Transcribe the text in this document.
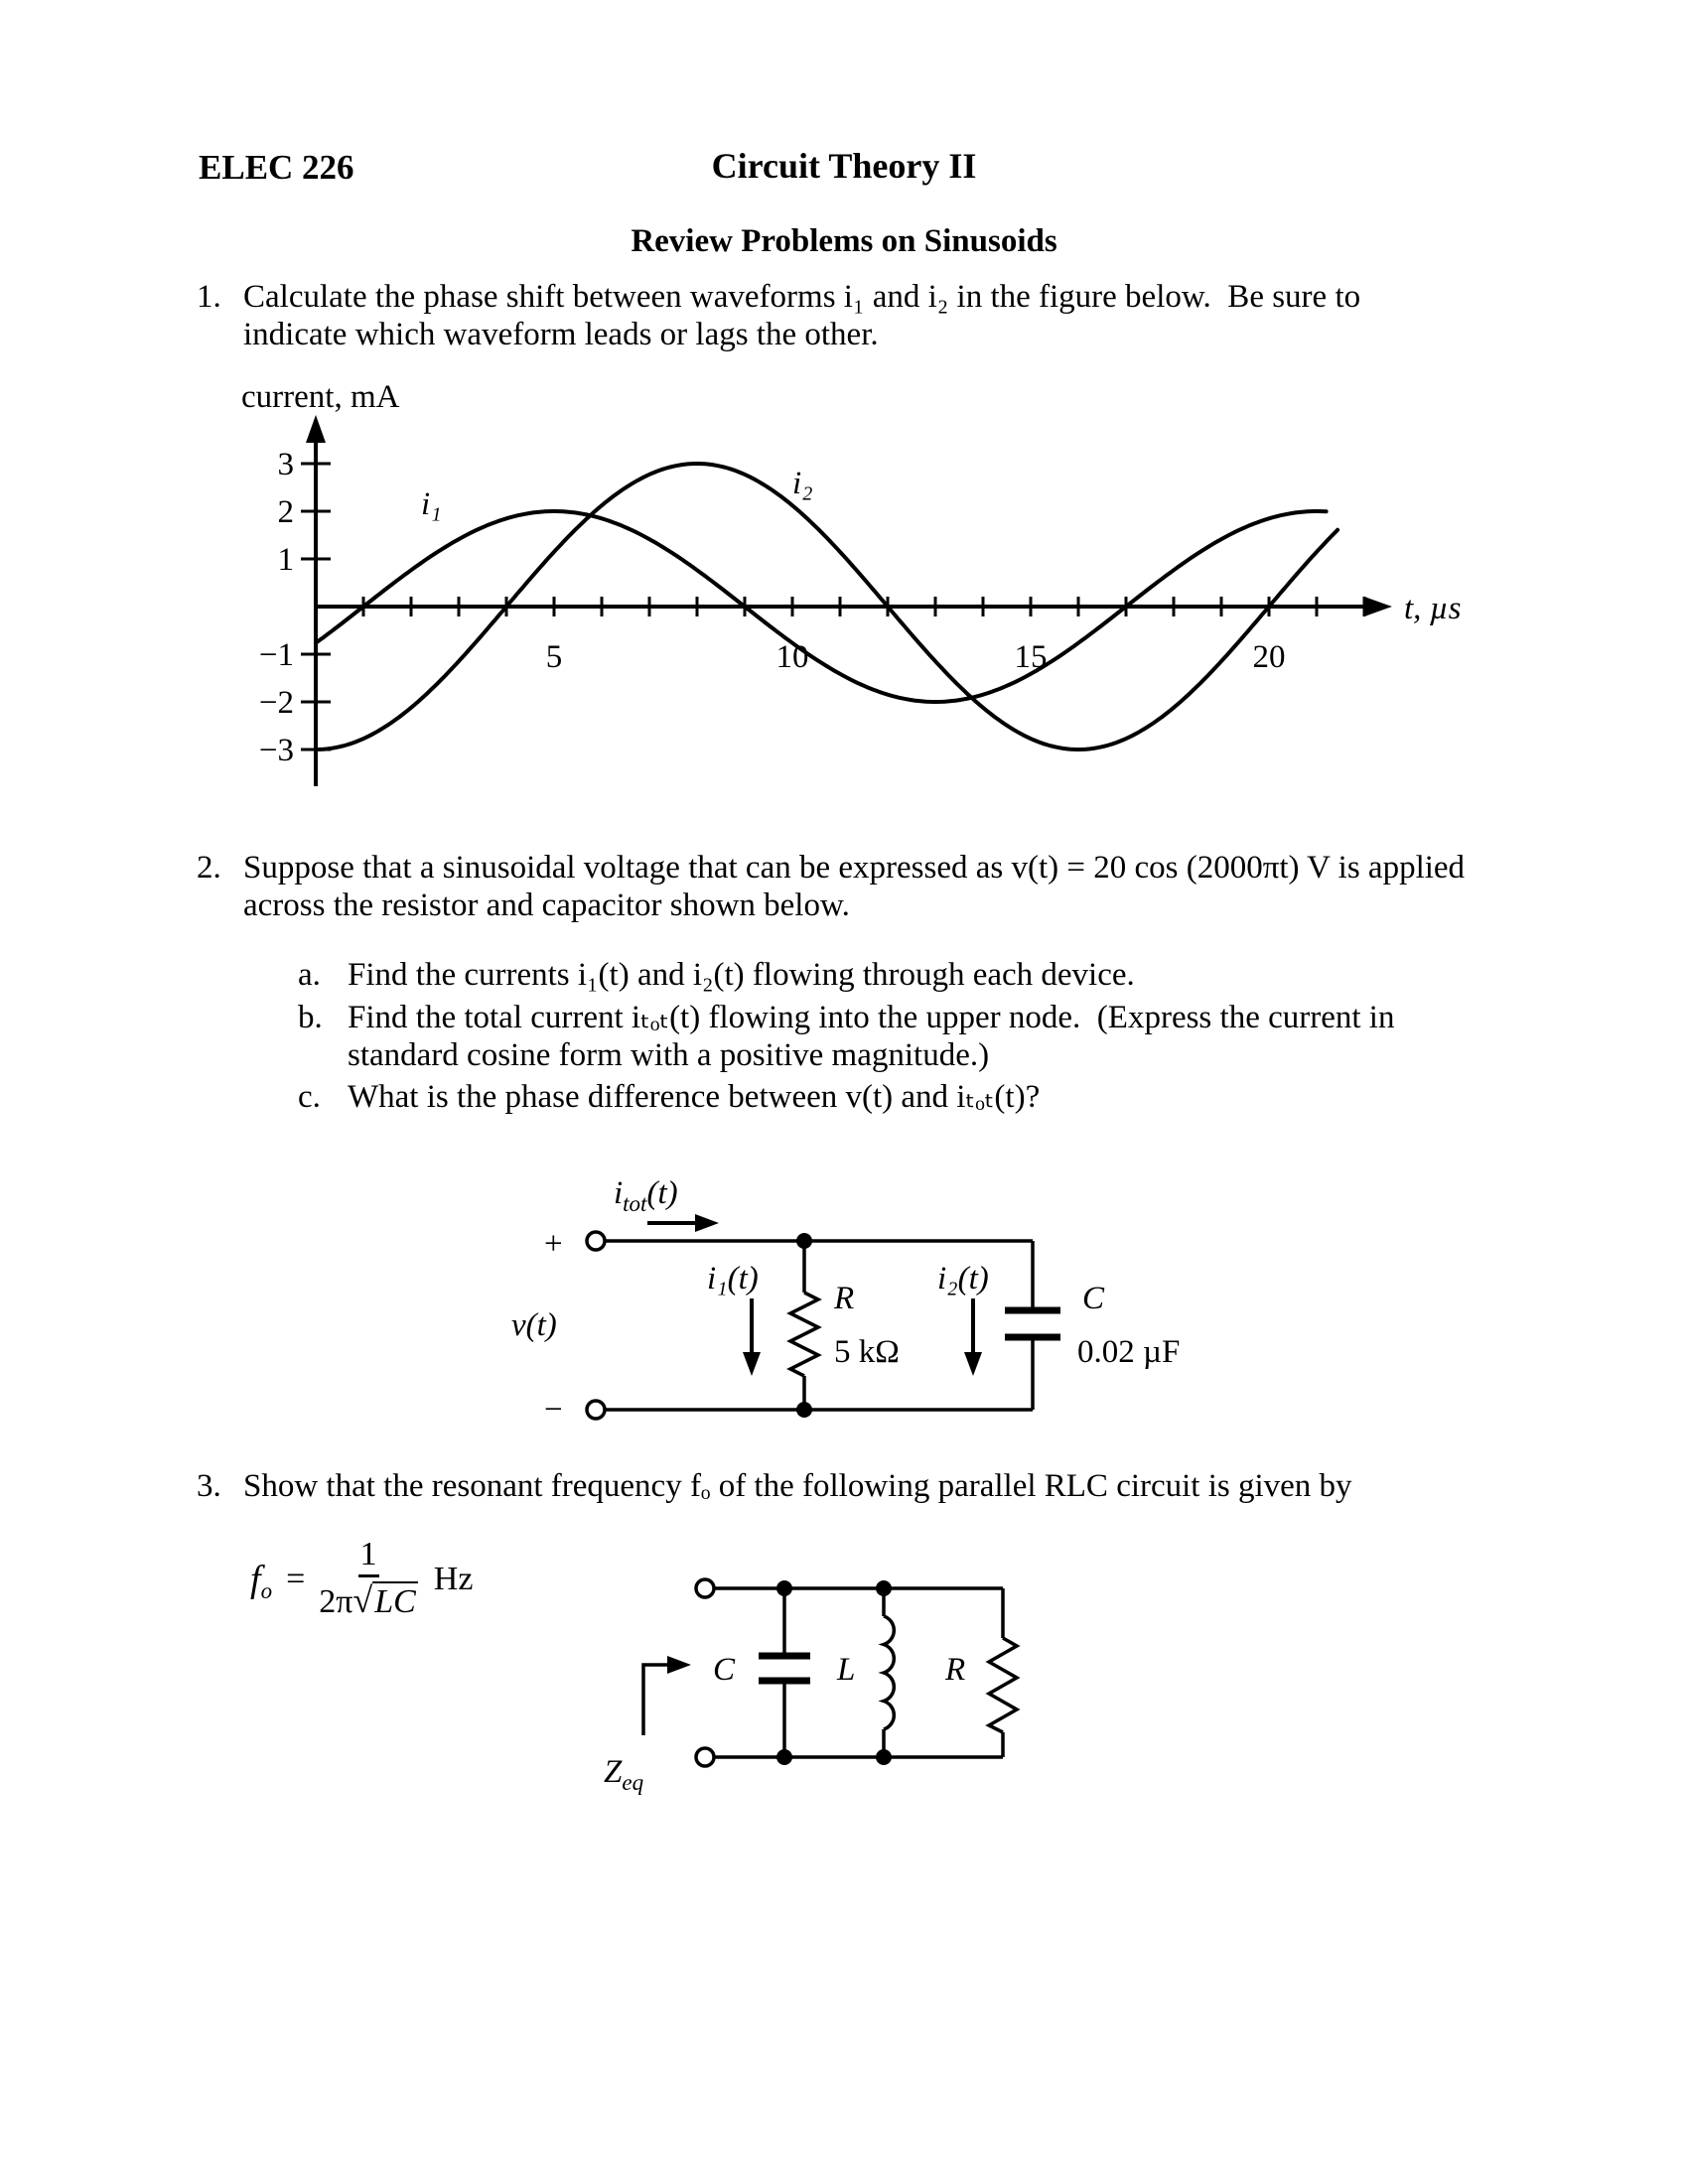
ELEC 226	Circuit Theory II
Review Problems on Sinusoids
1. Calculate the phase shift between waveforms i₁ and i₂ in the figure below.  Be sure to
indicate which waveform leads or lags the other.
current, mA
t, µs
5	10	15	20
3
2
1
−1
−2
−3
i₁
i₂
2. Suppose that a sinusoidal voltage that can be expressed as v(t) = 20 cos (2000πt) V is applied
across the resistor and capacitor shown below.
a. Find the currents i₁(t) and i₂(t) flowing through each device.
b. Find the total current iₜₒₜ(t) flowing into the upper node.  (Express the current in
standard cosine form with a positive magnitude.)
c. What is the phase difference between v(t) and iₜₒₜ(t)?
$i_{tot}(t)$
+
−
v(t)
R
5 kΩ
i₁(t)
C
0.02 µF
i₂(t)
3. Show that the resonant frequency fₒ of the following parallel RLC circuit is given by
f $o = \frac{1}{2\pi√LC}$ Hz
C	L	R
$Z_{eq}$
